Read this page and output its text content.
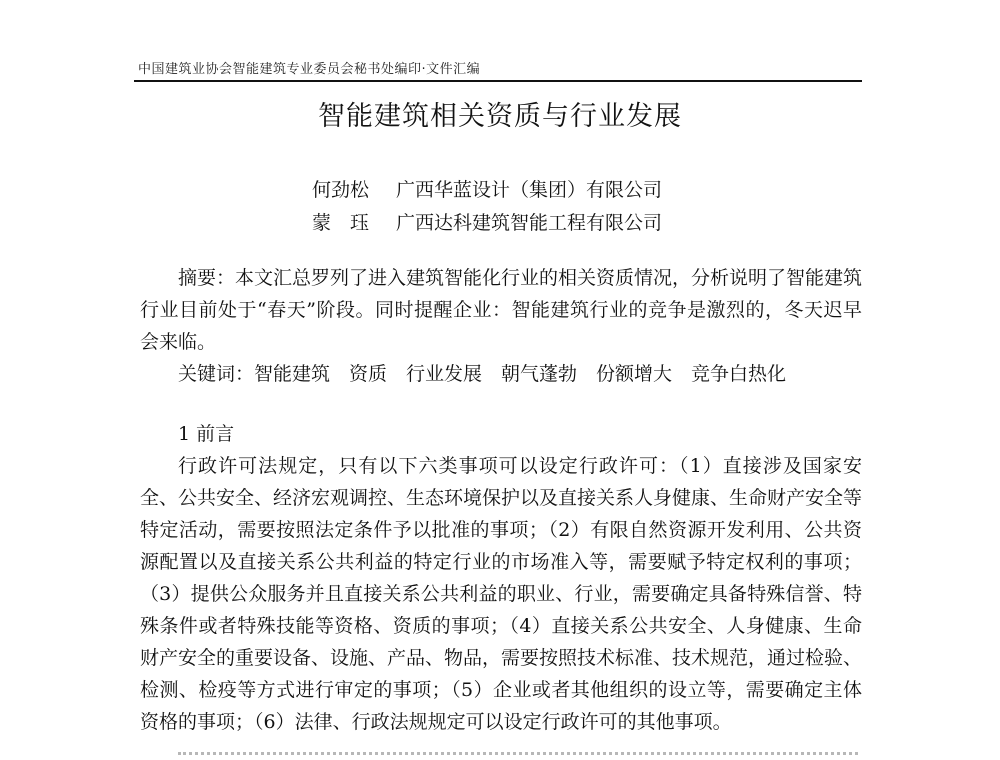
中国建筑业协会智能建筑专业委员会秘书处编印·文件汇编
智能建筑相关资质与行业发展
何劲松	广西华蓝设计（集团）有限公司
蒙　珏	广西达科建筑智能工程有限公司

摘要：本文汇总罗列了进入建筑智能化行业的相关资质情况，分析说明了智能建筑行业目前处于“春天”阶段。同时提醒企业：智能建筑行业的竞争是激烈的，冬天迟早会来临。

关键词：智能建筑　资质　行业发展　朝气蓬勃　份额增大　竞争白热化

1 前言

行政许可法规定，只有以下六类事项可以设定行政许可：（1）直接涉及国家安全、公共安全、经济宏观调控、生态环境保护以及直接关系人身健康、生命财产安全等特定活动，需要按照法定条件予以批准的事项；（2）有限自然资源开发利用、公共资源配置以及直接关系公共利益的特定行业的市场准入等，需要赋予特定权利的事项；（3）提供公众服务并且直接关系公共利益的职业、行业，需要确定具备特殊信誉、特殊条件或者特殊技能等资格、资质的事项；（4）直接关系公共安全、人身健康、生命财产安全的重要设备、设施、产品、物品，需要按照技术标准、技术规范，通过检验、检测、检疫等方式进行审定的事项；（5）企业或者其他组织的设立等，需要确定主体资格的事项；（6）法律、行政法规规定可以设定行政许可的其他事项。
